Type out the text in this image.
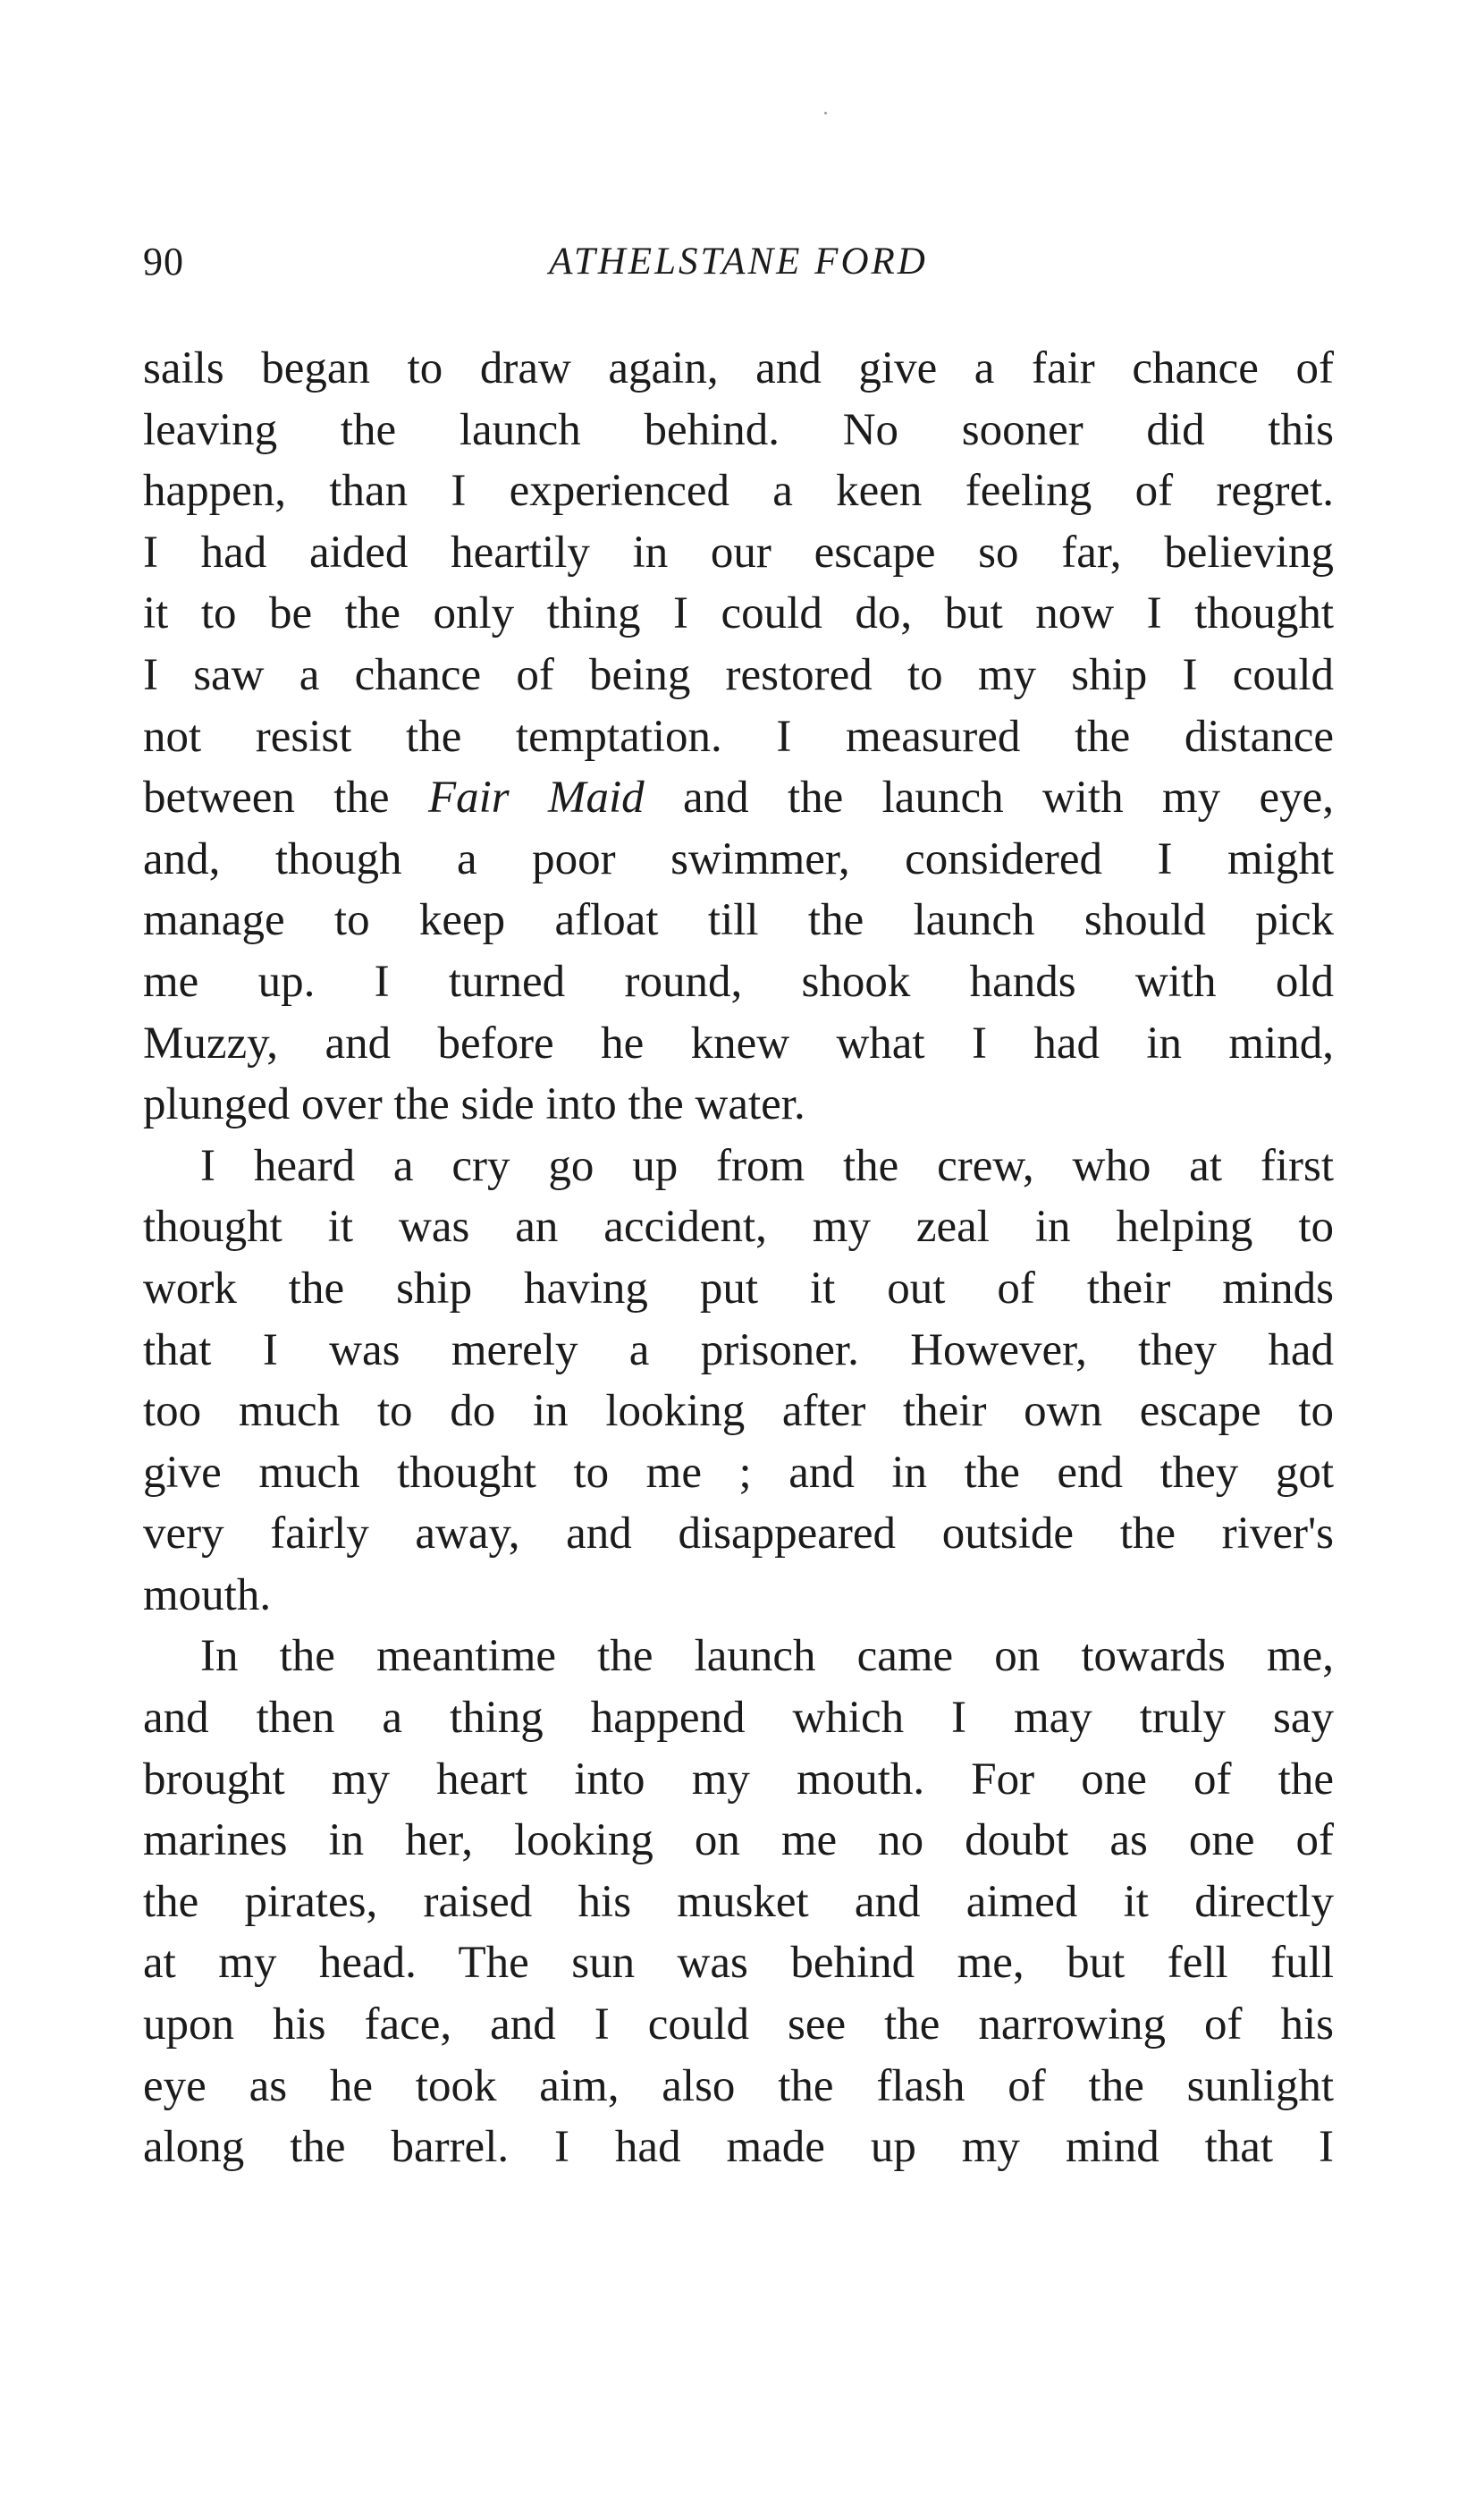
90	ATHELSTANE FORD
sails began to draw again, and give a fair chance of
leaving the launch behind. No sooner did this
happen, than I experienced a keen feeling of regret.
I had aided heartily in our escape so far, believing
it to be the only thing I could do, but now I thought
I saw a chance of being restored to my ship I could
not resist the temptation. I measured the distance
between the Fair Maid and the launch with my eye,
and, though a poor swimmer, considered I might
manage to keep afloat till the launch should pick
me up. I turned round, shook hands with old
Muzzy, and before he knew what I had in mind,
plunged over the side into the water.
I heard a cry go up from the crew, who at first
thought it was an accident, my zeal in helping to
work the ship having put it out of their minds
that I was merely a prisoner. However, they had
too much to do in looking after their own escape to
give much thought to me ; and in the end they got
very fairly away, and disappeared outside the river's
mouth.
In the meantime the launch came on towards me,
and then a thing happend which I may truly say
brought my heart into my mouth. For one of the
marines in her, looking on me no doubt as one of
the pirates, raised his musket and aimed it directly
at my head. The sun was behind me, but fell full
upon his face, and I could see the narrowing of his
eye as he took aim, also the flash of the sunlight
along the barrel. I had made up my mind that I
